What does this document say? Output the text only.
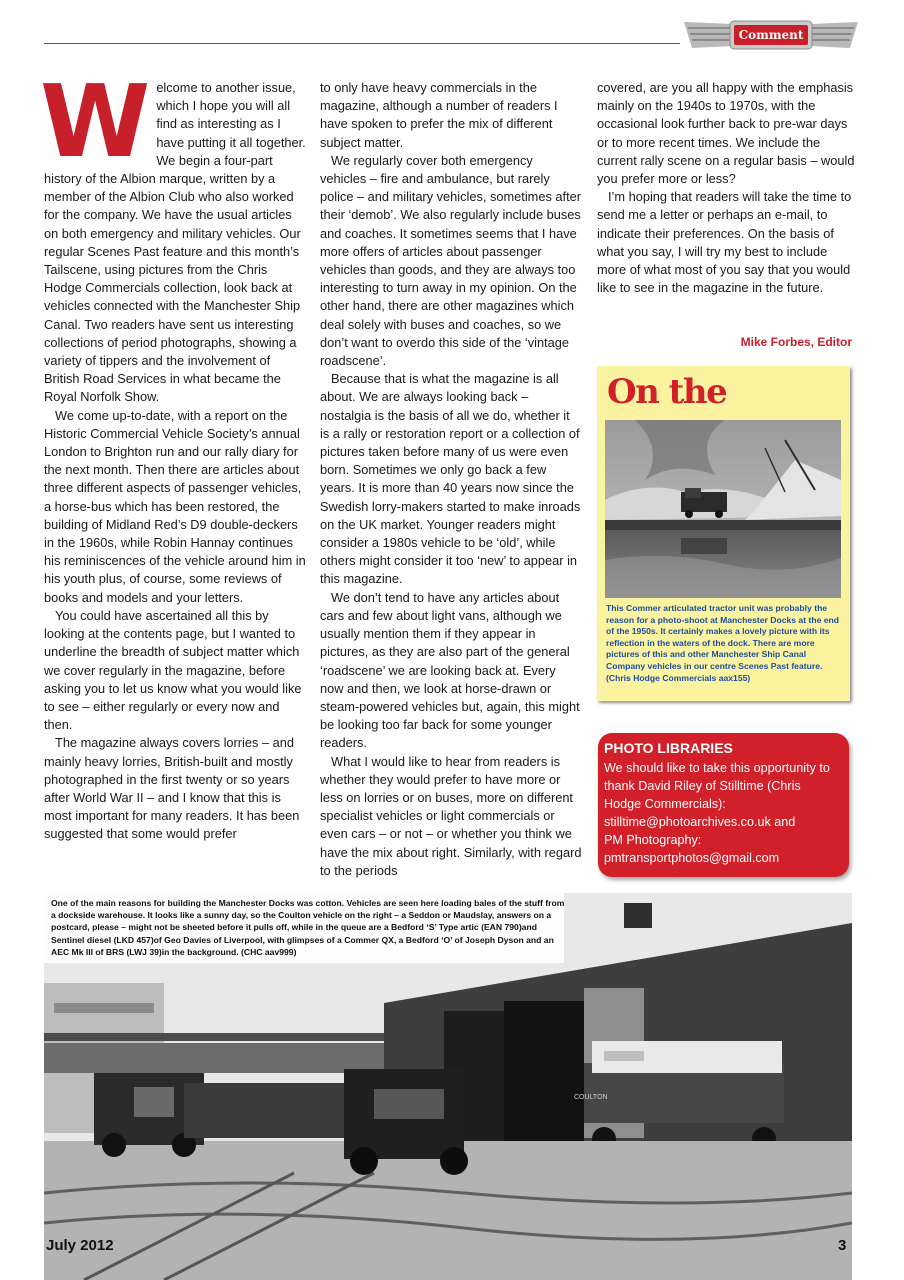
Comment

Welcome to another issue, which I hope you will all find as interesting as I have putting it all together.

We begin a four-part history of the Albion marque, written by a member of the Albion Club who also worked for the company. We have the usual articles on both emergency and military vehicles. Our regular Scenes Past feature and this month’s Tailscene, using pictures from the Chris Hodge Commercials collection, look back at vehicles connected with the Manchester Ship Canal. Two readers have sent us interesting collections of period photographs, showing a variety of tippers and the involvement of British Road Services in what became the Royal Norfolk Show.

We come up-to-date, with a report on the Historic Commercial Vehicle Society’s annual London to Brighton run and our rally diary for the next month. Then there are articles about three different aspects of passenger vehicles, a horse-bus which has been restored, the building of Midland Red’s D9 double-deckers in the 1960s, while Robin Hannay continues his reminiscences of the vehicle around him in his youth plus, of course, some reviews of books and models and your letters.

You could have ascertained all this by looking at the contents page, but I wanted to underline the breadth of subject matter which we cover regularly in the magazine, before asking you to let us know what you would like to see – either regularly or every now and then.

The magazine always covers lorries – and mainly heavy lorries, British-built and mostly photographed in the first twenty or so years after World War II – and I know that this is most important for many readers. It has been suggested that some would prefer

to only have heavy commercials in the magazine, although a number of readers I have spoken to prefer the mix of different subject matter.

We regularly cover both emergency vehicles – fire and ambulance, but rarely police – and military vehicles, sometimes after their ‘demob’. We also regularly include buses and coaches. It sometimes seems that I have more offers of articles about passenger vehicles than goods, and they are always too interesting to turn away in my opinion. On the other hand, there are other magazines which deal solely with buses and coaches, so we don’t want to overdo this side of the ‘vintage roadscene’.

Because that is what the magazine is all about. We are always looking back – nostalgia is the basis of all we do, whether it is a rally or restoration report or a collection of pictures taken before many of us were even born. Sometimes we only go back a few years. It is more than 40 years now since the Swedish lorry-makers started to make inroads on the UK market. Younger readers might consider a 1980s vehicle to be ‘old’, while others might consider it too ‘new’ to appear in this magazine.

We don’t tend to have any articles about cars and few about light vans, although we usually mention them if they appear in pictures, as they are also part of the general ‘roadscene’ we are looking back at. Every now and then, we look at horse-drawn or steam-powered vehicles but, again, this might be looking too far back for some younger readers.

What I would like to hear from readers is whether they would prefer to have more or less on lorries or on buses, more on different specialist vehicles or light commercials or even cars – or not – or whether you think we have the mix about right. Similarly, with regard to the periods

covered, are you all happy with the emphasis mainly on the 1940s to 1970s, with the occasional look further back to pre-war days or to more recent times. We include the current rally scene on a regular basis – would you prefer more or less?

I’m hoping that readers will take the time to send me a letter or perhaps an e-mail, to indicate their preferences. On the basis of what you say, I will try my best to include more of what most of you say that you would like to see in the magazine in the future.

Mike Forbes, Editor
On the
This Commer articulated tractor unit was probably the reason for a photo-shoot at Manchester Docks at the end of the 1950s. It certainly makes a lovely picture with its reflection in the waters of the dock. There are more pictures of this and other Manchester Ship Canal Company vehicles in our centre Scenes Past feature. (Chris Hodge Commercials aax155)
PHOTO LIBRARIES

We should like to take this opportunity to thank David Riley of Stilltime (Chris Hodge Commercials):

stilltime@photoarchives.co.uk and

PM Photography:

pmtransportphotos@gmail.com

COULTON
One of the main reasons for building the Manchester Docks was cotton. Vehicles are seen here loading bales of the stuff from a dockside warehouse. It looks like a sunny day, so the Coulton vehicle on the right – a Seddon or Maudslay, answers on a postcard, please – might not be sheeted before it pulls off, while in the queue are a Bedford ‘S’ Type artic (EAN 790)and Sentinel diesel (LKD 457)of Geo Davies of Liverpool, with glimpses of a Commer QX, a Bedford ‘O’ of Joseph Dyson and an AEC Mk III of BRS (LWJ 39)in the background. (CHC aav999)
July 2012	3
